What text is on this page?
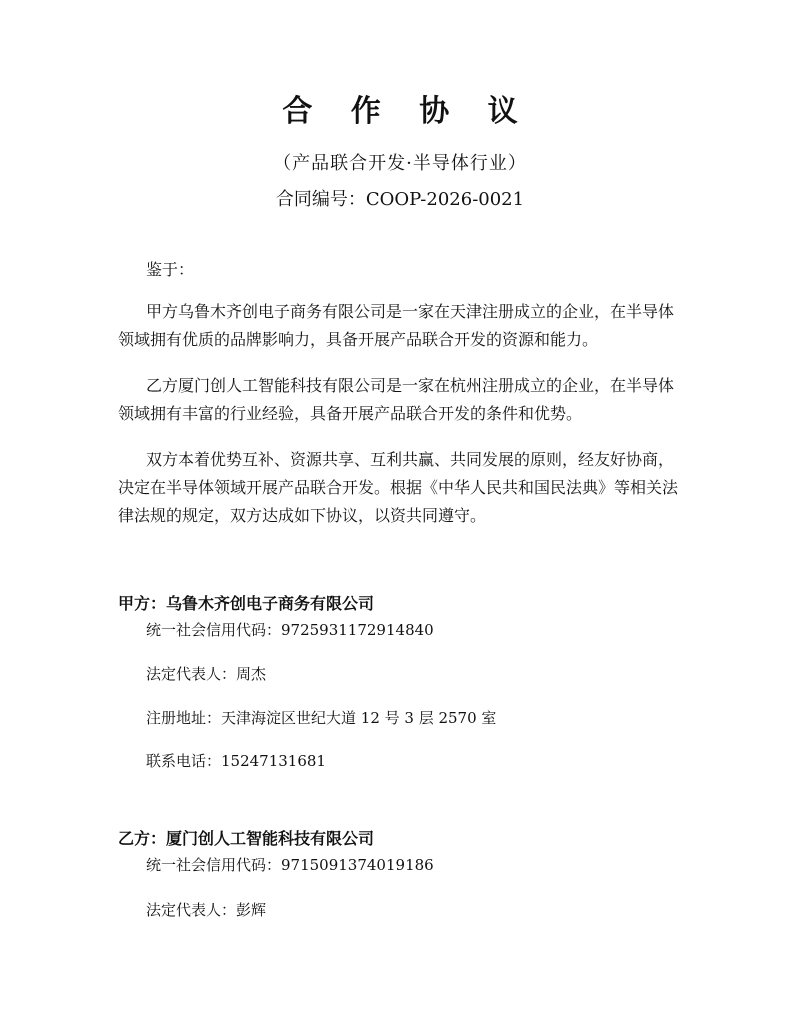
合 作 协 议
（产品联合开发·半导体行业）
合同编号：COOP-2026-0021
鉴于：
甲方乌鲁木齐创电子商务有限公司是一家在天津注册成立的企业，在半导体领域拥有优质的品牌影响力，具备开展产品联合开发的资源和能力。
乙方厦门创人工智能科技有限公司是一家在杭州注册成立的企业，在半导体领域拥有丰富的行业经验，具备开展产品联合开发的条件和优势。
双方本着优势互补、资源共享、互利共赢、共同发展的原则，经友好协商，决定在半导体领域开展产品联合开发。根据《中华人民共和国民法典》等相关法律法规的规定，双方达成如下协议，以资共同遵守。
甲方：乌鲁木齐创电子商务有限公司
统一社会信用代码：9725931172914840
法定代表人：周杰
注册地址：天津海淀区世纪大道 12 号 3 层 2570 室
联系电话：15247131681
乙方：厦门创人工智能科技有限公司
统一社会信用代码：9715091374019186
法定代表人：彭辉
